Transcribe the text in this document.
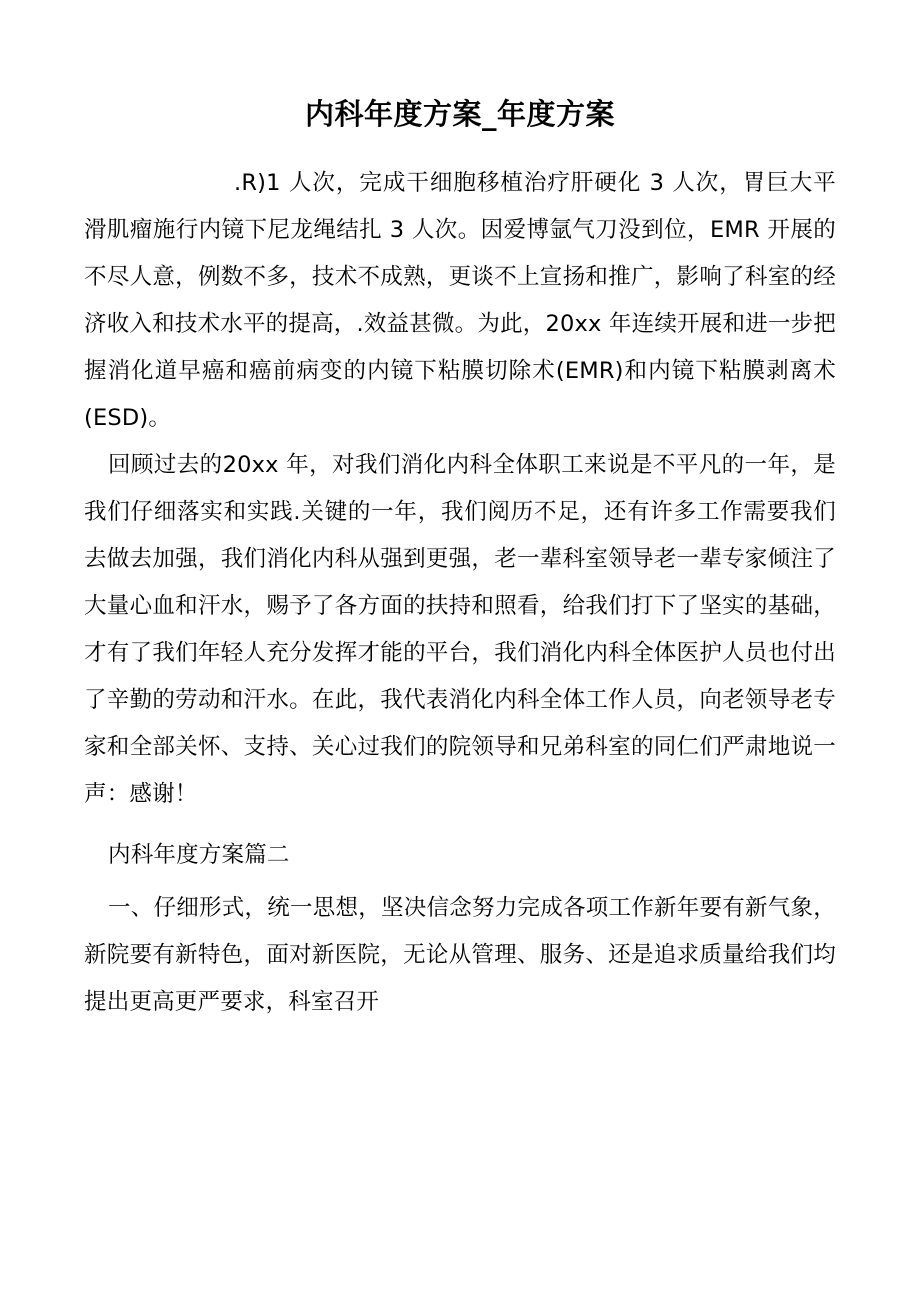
内科年度方案_年度方案

.R)1 人次，完成干细胞移植治疗肝硬化 3 人次，胃巨大平滑肌瘤施行内镜下尼龙绳结扎 3 人次。因爱博氩气刀没到位，EMR 开展的不尽人意，例数不多，技术不成熟，更谈不上宣扬和推广，影响了科室的经济收入和技术水平的提高，.效益甚微。为此，20xx 年连续开展和进一步把握消化道早癌和癌前病变的内镜下粘膜切除术(EMR)和内镜下粘膜剥离术(ESD)。

回顾过去的20xx 年，对我们消化内科全体职工来说是不平凡的一年，是我们仔细落实和实践.关键的一年，我们阅历不足，还有许多工作需要我们去做去加强，我们消化内科从强到更强，老一辈科室领导老一辈专家倾注了大量心血和汗水，赐予了各方面的扶持和照看，给我们打下了坚实的基础，才有了我们年轻人充分发挥才能的平台，我们消化内科全体医护人员也付出了辛勤的劳动和汗水。在此，我代表消化内科全体工作人员，向老领导老专家和全部关怀、支持、关心过我们的院领导和兄弟科室的同仁们严肃地说一声：感谢！

内科年度方案篇二

一、仔细形式，统一思想，坚决信念努力完成各项工作新年要有新气象，新院要有新特色，面对新医院，无论从管理、服务、还是追求质量给我们均提出更高更严要求，科室召开
